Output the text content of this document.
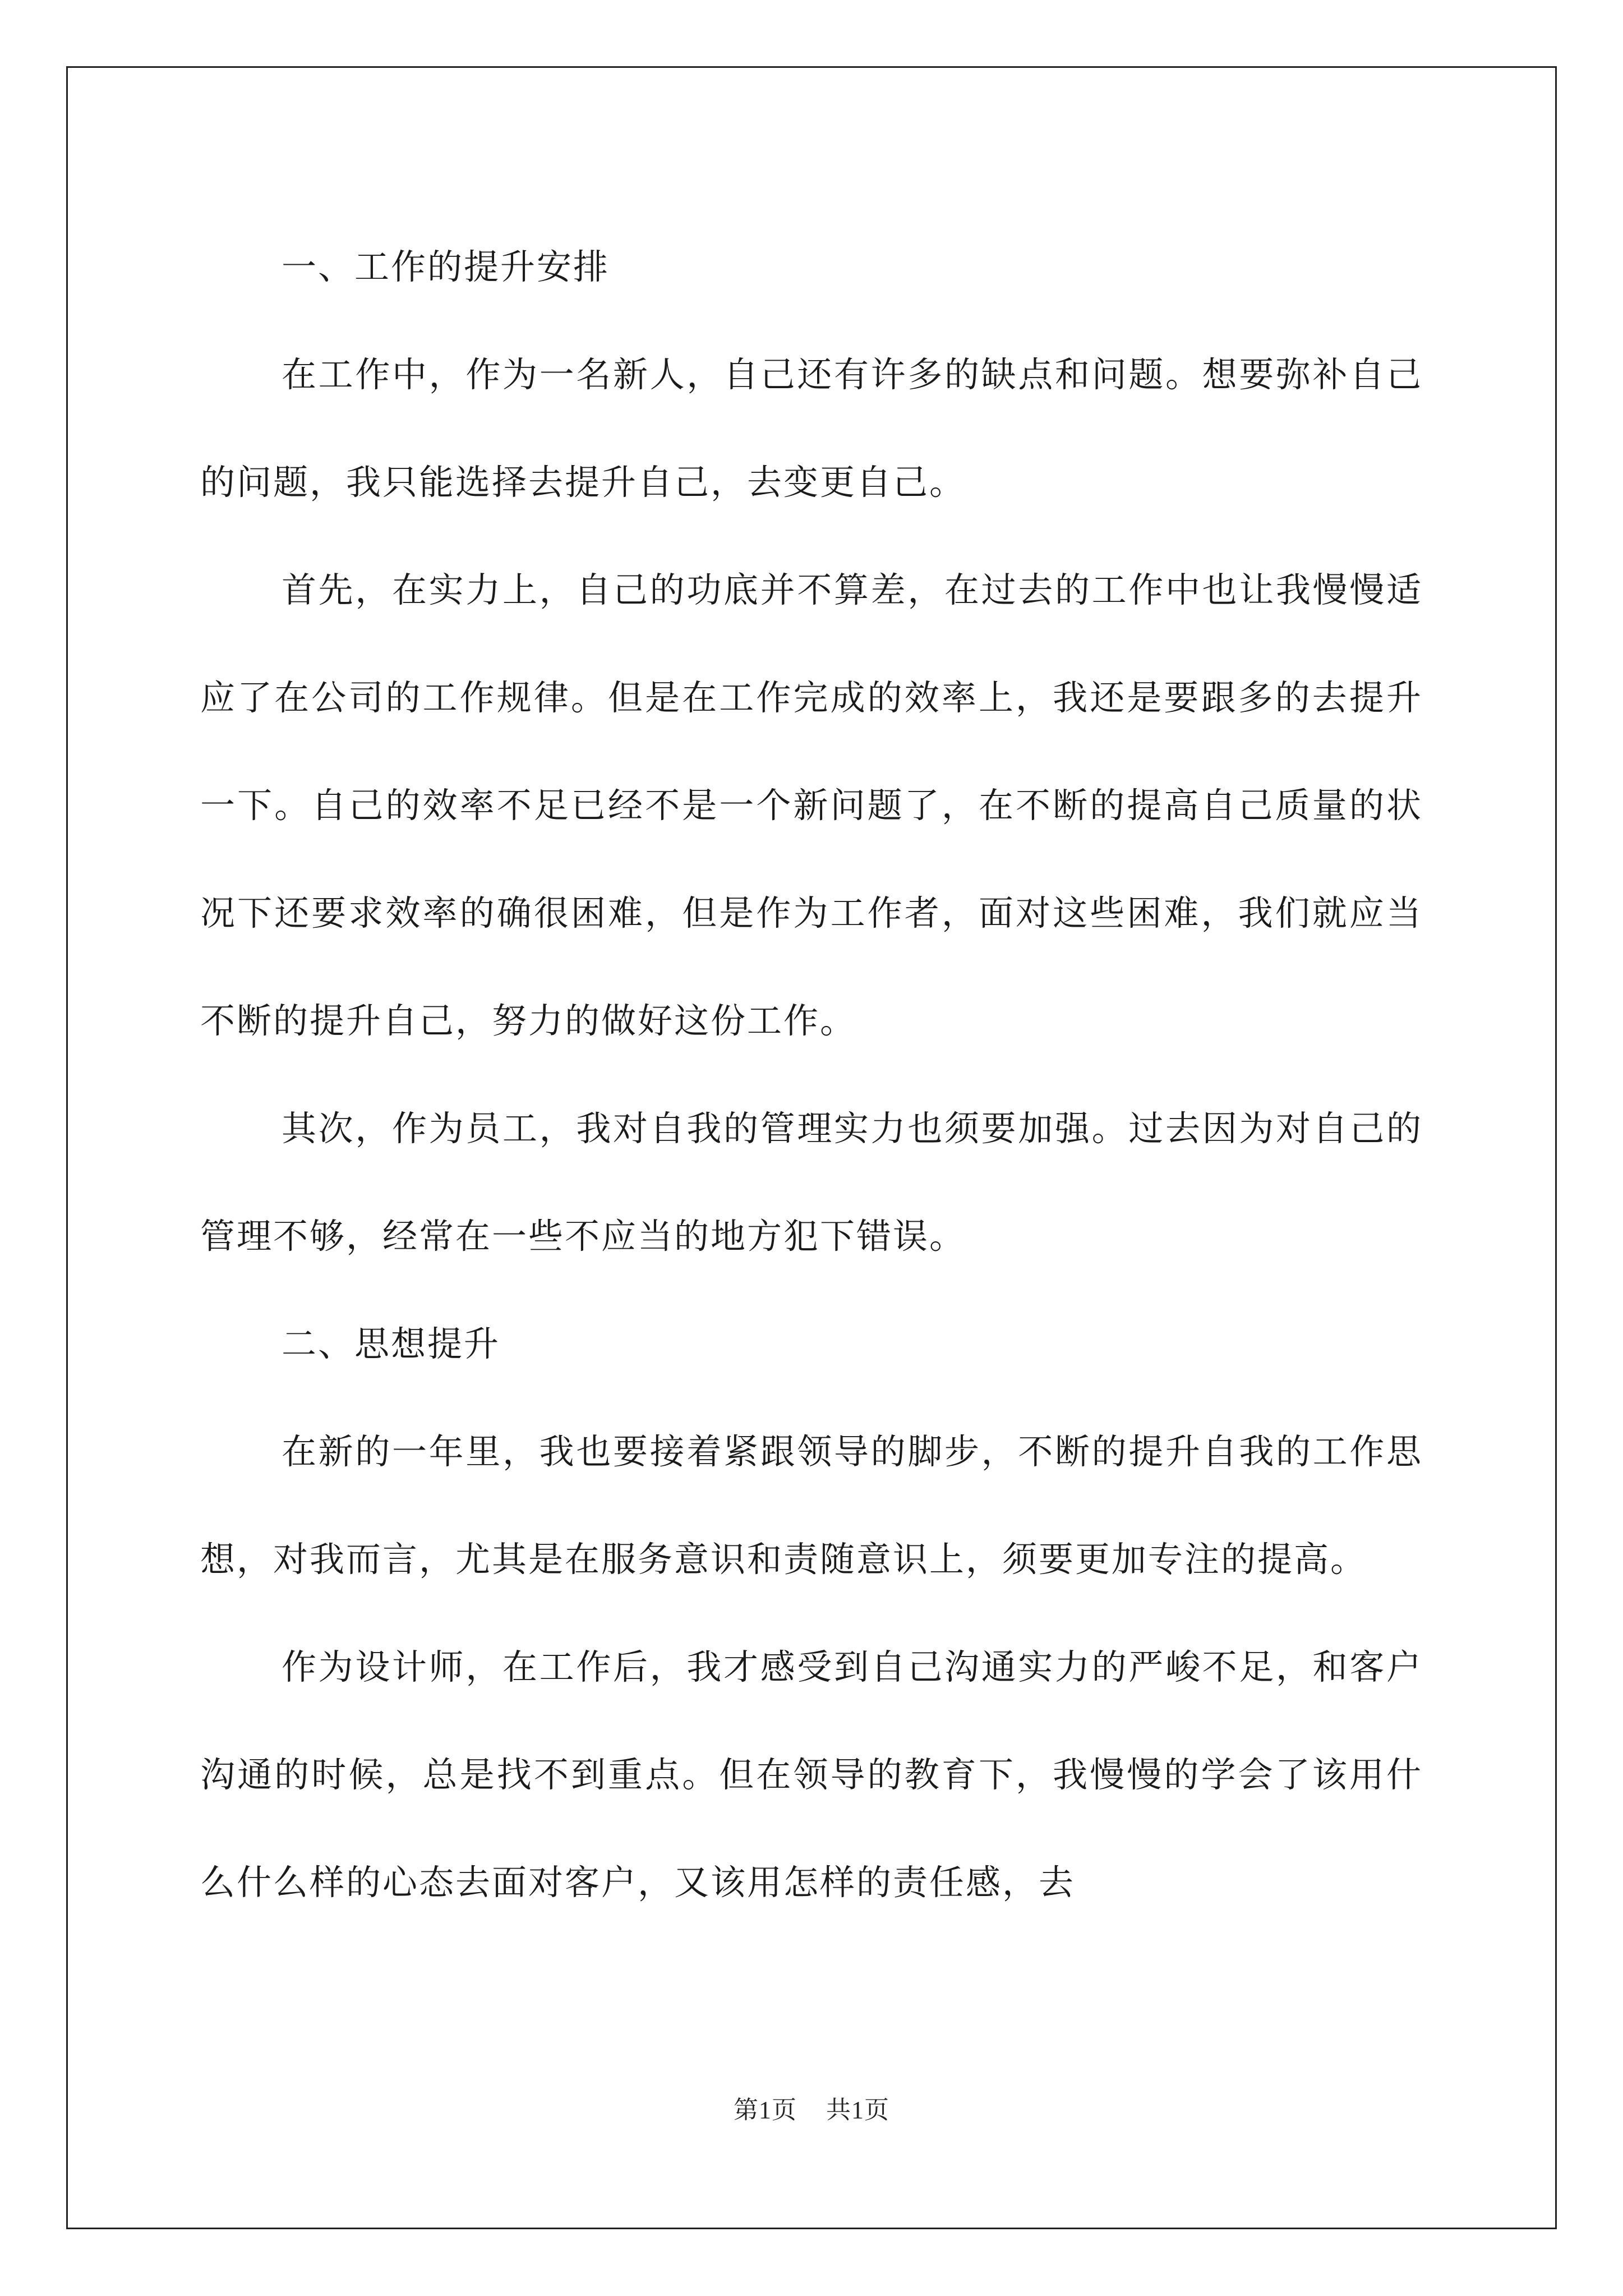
一、工作的提升安排

在工作中，作为一名新人，自己还有许多的缺点和问题。想要弥补自己的问题，我只能选择去提升自己，去变更自己。

首先，在实力上，自己的功底并不算差，在过去的工作中也让我慢慢适应了在公司的工作规律。但是在工作完成的效率上，我还是要跟多的去提升一下。自己的效率不足已经不是一个新问题了，在不断的提高自己质量的状况下还要求效率的确很困难，但是作为工作者，面对这些困难，我们就应当不断的提升自己，努力的做好这份工作。

其次，作为员工，我对自我的管理实力也须要加强。过去因为对自己的管理不够，经常在一些不应当的地方犯下错误。

二、思想提升

在新的一年里，我也要接着紧跟领导的脚步，不断的提升自我的工作思想，对我而言，尤其是在服务意识和责随意识上，须要更加专注的提高。

作为设计师，在工作后，我才感受到自己沟通实力的严峻不足，和客户沟通的时候，总是找不到重点。但在领导的教育下，我慢慢的学会了该用什么什么样的心态去面对客户，又该用怎样的责任感，去

第1页 共1页
